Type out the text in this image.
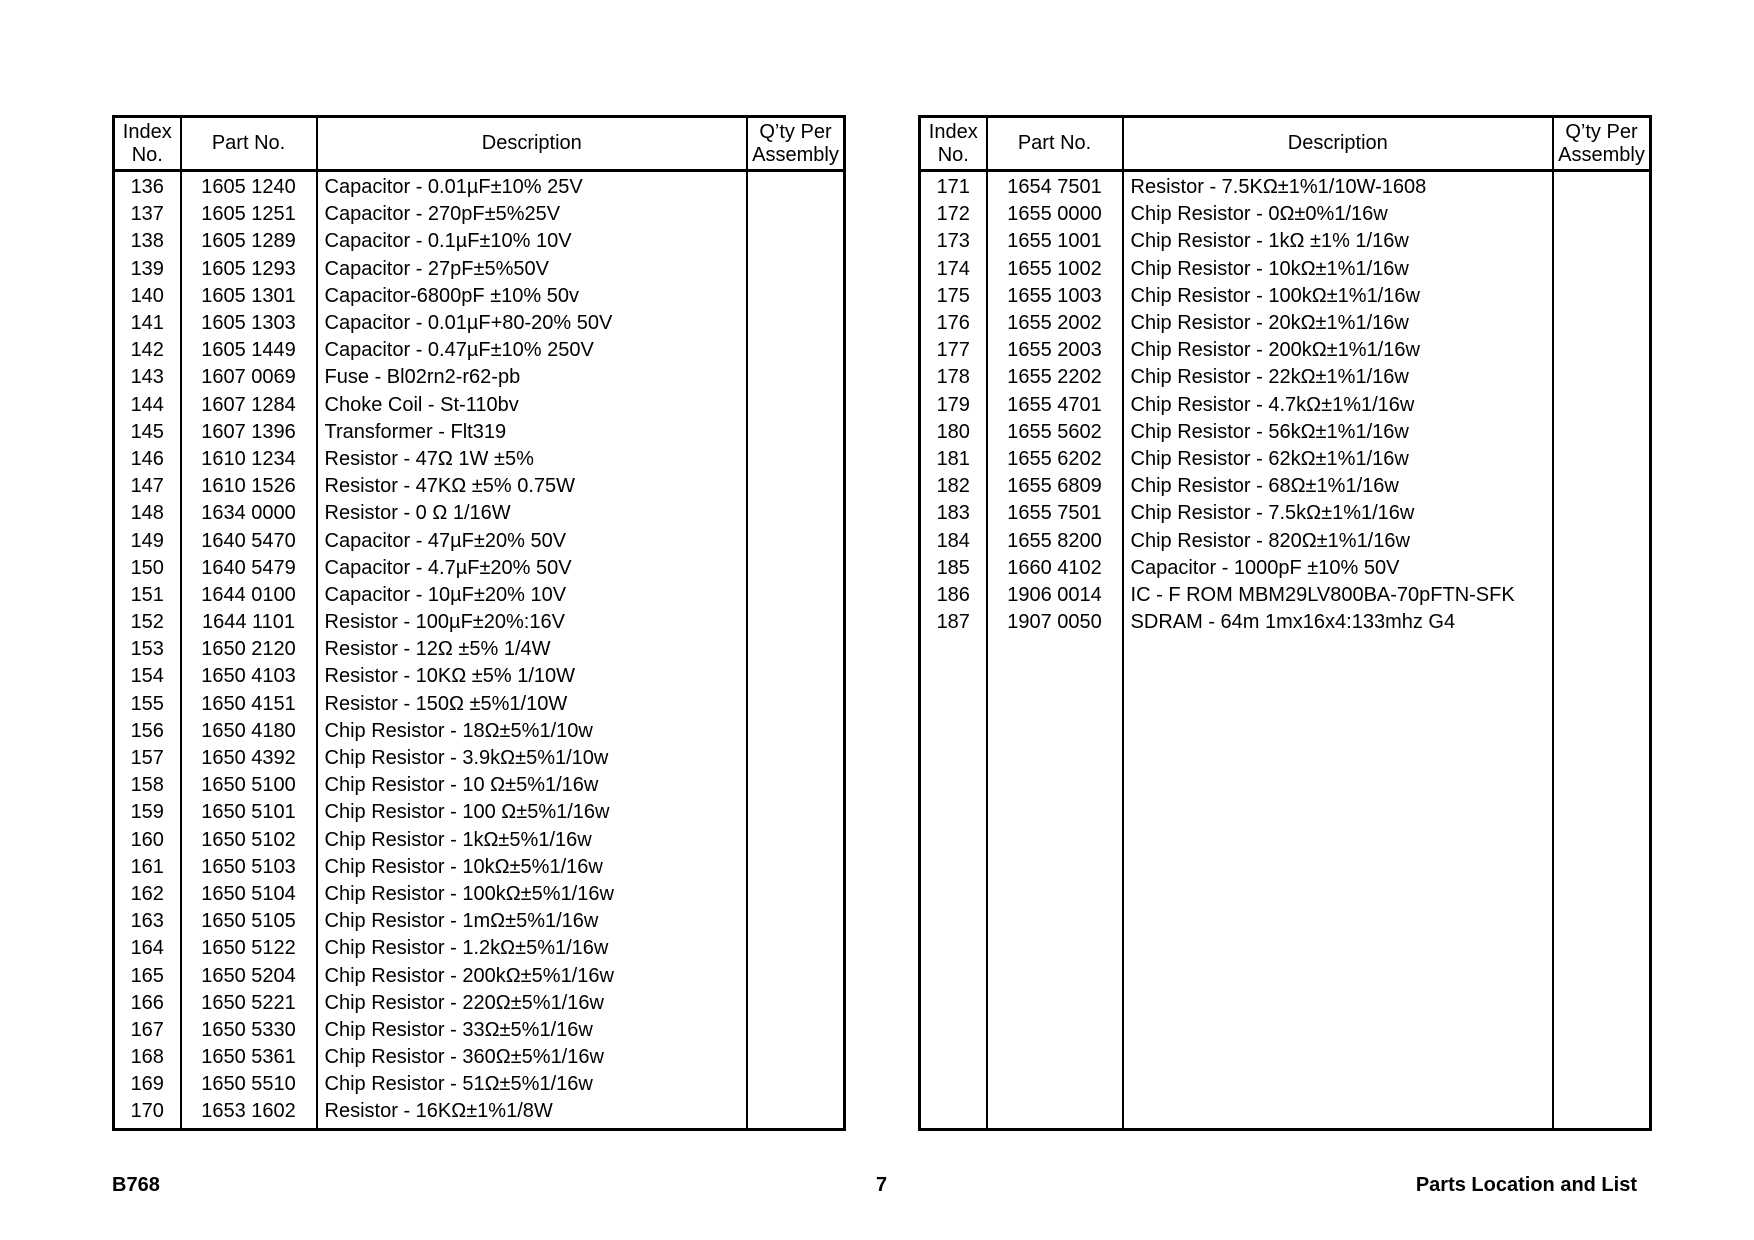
Index
No.	Part No.	Description	Q’ty Per
Assembly
136	1605 1240	Capacitor - 0.01µF±10% 25V	
137	1605 1251	Capacitor - 270pF±5%25V	
138	1605 1289	Capacitor - 0.1µF±10% 10V	
139	1605 1293	Capacitor - 27pF±5%50V	
140	1605 1301	Capacitor-6800pF ±10% 50v	
141	1605 1303	Capacitor - 0.01µF+80-20% 50V	
142	1605 1449	Capacitor - 0.47µF±10% 250V	
143	1607 0069	Fuse - Bl02rn2-r62-pb	
144	1607 1284	Choke Coil - St-110bv	
145	1607 1396	Transformer - Flt319	
146	1610 1234	Resistor - 47Ω 1W ±5%	
147	1610 1526	Resistor - 47KΩ ±5% 0.75W	
148	1634 0000	Resistor - 0 Ω 1/16W	
149	1640 5470	Capacitor - 47µF±20% 50V	
150	1640 5479	Capacitor - 4.7µF±20% 50V	
151	1644 0100	Capacitor - 10µF±20% 10V	
152	1644 1101	Resistor - 100µF±20%:16V	
153	1650 2120	Resistor - 12Ω ±5% 1/4W	
154	1650 4103	Resistor - 10KΩ ±5% 1/10W	
155	1650 4151	Resistor - 150Ω ±5%1/10W	
156	1650 4180	Chip Resistor - 18Ω±5%1/10w	
157	1650 4392	Chip Resistor - 3.9kΩ±5%1/10w	
158	1650 5100	Chip Resistor - 10 Ω±5%1/16w	
159	1650 5101	Chip Resistor - 100 Ω±5%1/16w	
160	1650 5102	Chip Resistor - 1kΩ±5%1/16w	
161	1650 5103	Chip Resistor - 10kΩ±5%1/16w	
162	1650 5104	Chip Resistor - 100kΩ±5%1/16w	
163	1650 5105	Chip Resistor - 1mΩ±5%1/16w	
164	1650 5122	Chip Resistor - 1.2kΩ±5%1/16w	
165	1650 5204	Chip Resistor - 200kΩ±5%1/16w	
166	1650 5221	Chip Resistor - 220Ω±5%1/16w	
167	1650 5330	Chip Resistor - 33Ω±5%1/16w	
168	1650 5361	Chip Resistor - 360Ω±5%1/16w	
169	1650 5510	Chip Resistor - 51Ω±5%1/16w	
170	1653 1602	Resistor - 16KΩ±1%1/8W	
Index
No.	Part No.	Description	Q’ty Per
Assembly
171	1654 7501	Resistor - 7.5KΩ±1%1/10W-1608	
172	1655 0000	Chip Resistor - 0Ω±0%1/16w	
173	1655 1001	Chip Resistor - 1kΩ ±1% 1/16w	
174	1655 1002	Chip Resistor - 10kΩ±1%1/16w	
175	1655 1003	Chip Resistor - 100kΩ±1%1/16w	
176	1655 2002	Chip Resistor - 20kΩ±1%1/16w	
177	1655 2003	Chip Resistor - 200kΩ±1%1/16w	
178	1655 2202	Chip Resistor - 22kΩ±1%1/16w	
179	1655 4701	Chip Resistor - 4.7kΩ±1%1/16w	
180	1655 5602	Chip Resistor - 56kΩ±1%1/16w	
181	1655 6202	Chip Resistor - 62kΩ±1%1/16w	
182	1655 6809	Chip Resistor - 68Ω±1%1/16w	
183	1655 7501	Chip Resistor - 7.5kΩ±1%1/16w	
184	1655 8200	Chip Resistor - 820Ω±1%1/16w	
185	1660 4102	Capacitor - 1000pF ±10% 50V	
186	1906 0014	IC - F ROM MBM29LV800BA-70pFTN-SFK	
187	1907 0050	SDRAM - 64m 1mx16x4:133mhz G4	

B768	7	Parts Location and List
